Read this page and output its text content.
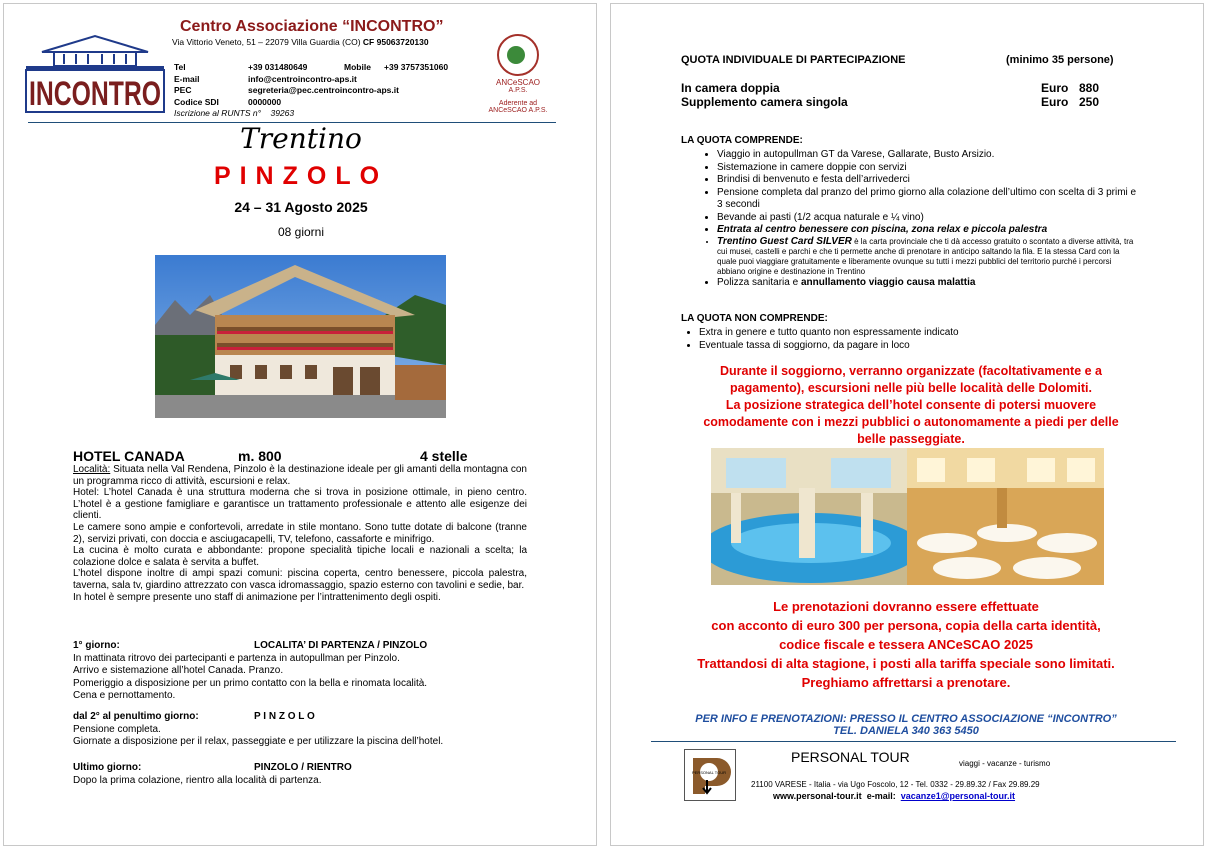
INCONTRO
Centro Associazione “INCONTRO”
Via Vittorio Veneto, 51 – 22079 Villa Guardia (CO) CF 95063720130
Tel	+39 031480649	Mobile	+39 3757351060
E-mail	info@centroincontro-aps.it		
PEC	segreteria@pec.centroincontro-aps.it		
Codice SDI	0000000		
Iscrizione al RUNTS n° 39263			
ANCeSCAO
A.P.S.
Aderente ad
ANCeSCAO A.P.S.
Trentino
PINZOLO
24 – 31 Agosto 2025
08 giorni
HOTEL CANADA	m. 800	4 stelle

Località: Situata nella Val Rendena, Pinzolo è la destinazione ideale per gli amanti della montagna con un programma ricco di attività, escursioni e relax.

Hotel: L’hotel Canada è una struttura moderna che si trova in posizione ottimale, in pieno centro. L’hotel è a gestione famigliare e garantisce un trattamento professionale e attento alle esigenze dei clienti.

Le camere sono ampie e confortevoli, arredate in stile montano. Sono tutte dotate di balcone (tranne 2), servizi privati, con doccia e asciugacapelli, TV, telefono, cassaforte e minifrigo.

La cucina è molto curata e abbondante: propone specialità tipiche locali e nazionali a scelta; la colazione dolce e salata è servita a buffet.

L’hotel dispone inoltre di ampi spazi comuni: piscina coperta, centro benessere, piccola palestra, taverna, sala tv, giardino attrezzato con vasca idromassaggio, spazio esterno con tavolini e sedie, bar.

In hotel è sempre presente uno staff di animazione per l’intrattenimento degli ospiti.

1° giorno:	LOCALITA’ DI PARTENZA / PINZOLO
In mattinata ritrovo dei partecipanti e partenza in autopullman per Pinzolo.
Arrivo e sistemazione all’hotel Canada. Pranzo.
Pomeriggio a disposizione per un primo contatto con la bella e rinomata località.
Cena e pernottamento.
dal 2° al penultimo giorno:	P I N Z O L O
Pensione completa.
Giornate a disposizione per il relax, passeggiate e per utilizzare la piscina dell’hotel.
Ultimo giorno:	PINZOLO / RIENTRO
Dopo la prima colazione, rientro alla località di partenza.
QUOTA INDIVIDUALE DI PARTECIPAZIONE	(minimo 35 persone)
In camera doppia	Euro	880
Supplemento camera singola	Euro	250
LA QUOTA COMPRENDE:
• Viaggio in autopullman GT da Varese, Gallarate, Busto Arsizio.
• Sistemazione in camere doppie con servizi
• Brindisi di benvenuto e festa dell’arrivederci
• Pensione completa dal pranzo del primo giorno alla colazione dell’ultimo con scelta di 3 primi e 3 secondi
• Bevande ai pasti (1/2 acqua naturale e ¼ vino)
• Entrata al centro benessere con piscina, zona relax e piccola palestra
• Trentino Guest Card SILVER è la carta provinciale che ti dà accesso gratuito o scontato a diverse attività, tra cui musei, castelli e parchi e che ti permette anche di prenotare in anticipo saltando la fila. E la stessa Card con la quale puoi viaggiare gratuitamente e liberamente ovunque su tutti i mezzi pubblici del territorio purché i percorsi abbiano origine e destinazione in Trentino
• Polizza sanitaria e annullamento viaggio causa malattia
LA QUOTA NON COMPRENDE:
• Extra in genere e tutto quanto non espressamente indicato
• Eventuale tassa di soggiorno, da pagare in loco
Durante il soggiorno, verranno organizzate (facoltativamente e a
pagamento), escursioni nelle più belle località delle Dolomiti.
La posizione strategica dell’hotel consente di potersi muovere
comodamente con i mezzi pubblici o autonomamente a piedi per delle
belle passeggiate.
Le prenotazioni dovranno essere effettuate
con acconto di euro 300 per persona, copia della carta identità,
codice fiscale e tessera ANCeSCAO 2025
Trattandosi di alta stagione, i posti alla tariffa speciale sono limitati.
Preghiamo affrettarsi a prenotare.
PER INFO E PRENOTAZIONI: PRESSO IL CENTRO ASSOCIAZIONE “INCONTRO”
TEL. DANIELA 340 363 5450
PERSONAL TOUR
PERSONAL TOUR	viaggi - vacanze - turismo
21100 VARESE - Italia - via Ugo Foscolo, 12 - Tel. 0332 - 29.89.32 / Fax 29.89.29
www.personal-tour.it e-mail: vacanze1@personal-tour.it
